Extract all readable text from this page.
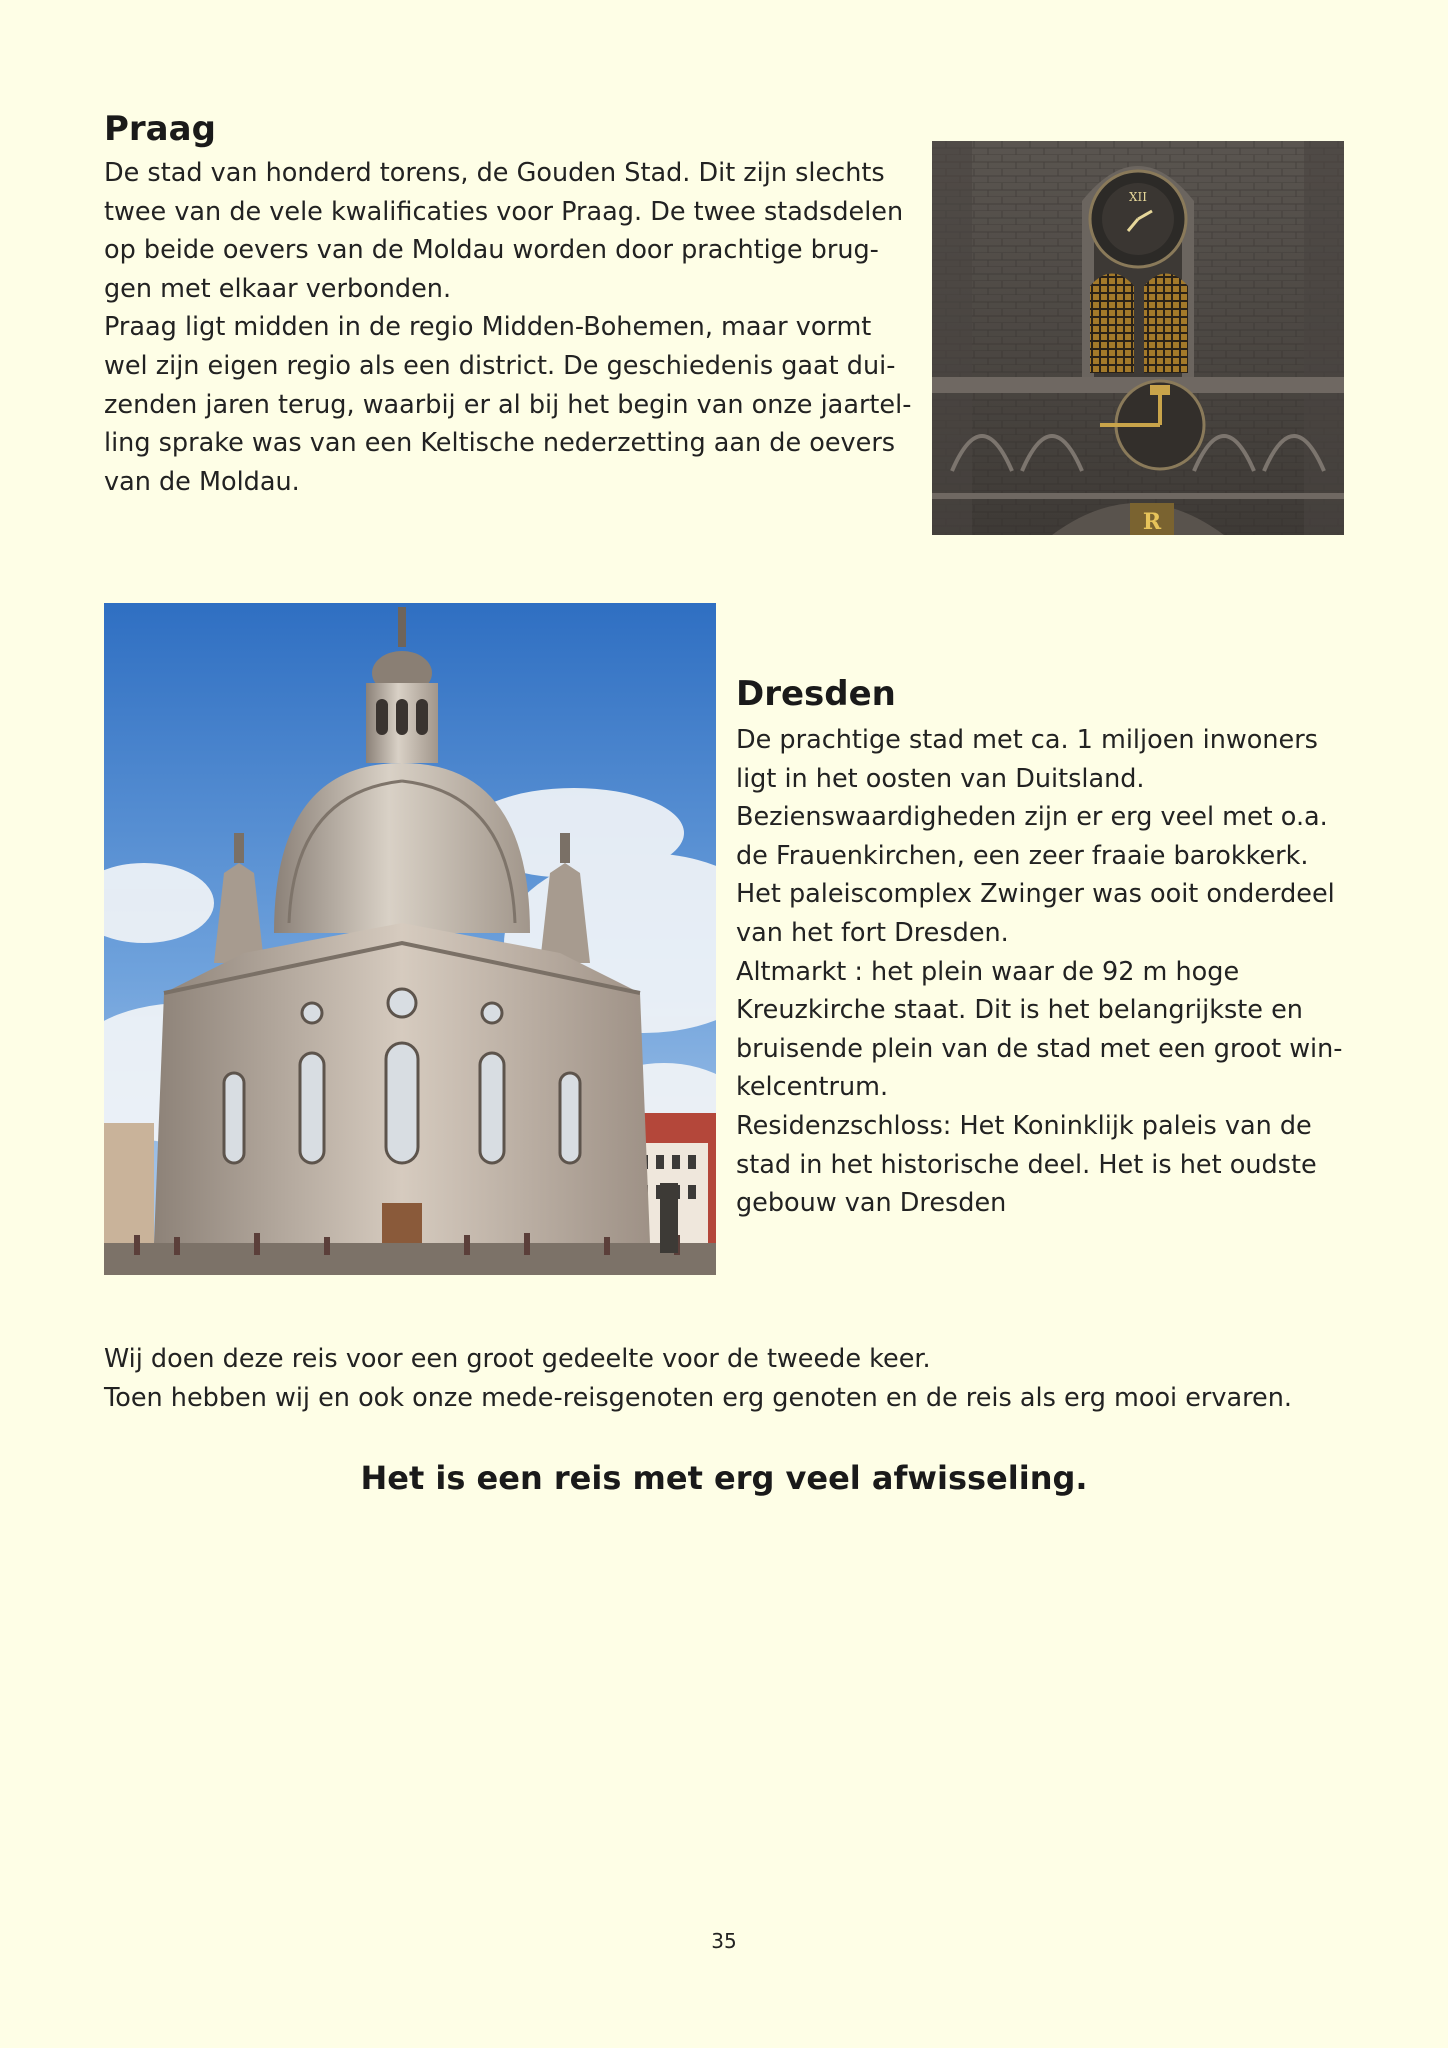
Praag

De stad van honderd torens, de Gouden Stad. Dit zijn slechts
twee van de vele kwalificaties voor Praag. De twee stadsdelen
op beide oevers van de Moldau worden door prachtige brug-
gen met elkaar verbonden.
Praag ligt midden in de regio Midden-Bohemen, maar vormt
wel zijn eigen regio als een district. De geschiedenis gaat dui-
zenden jaren terug, waarbij er al bij het begin van onze jaartel-
ling sprake was van een Keltische nederzetting aan de oevers
van de Moldau.

XII
R
Dresden

De prachtige stad met ca. 1 miljoen inwoners
ligt in het oosten van Duitsland.
Bezienswaardigheden zijn er erg veel met o.a.
de Frauenkirchen, een zeer fraaie barokkerk.
Het paleiscomplex Zwinger was ooit onderdeel
van het fort Dresden.
Altmarkt : het plein waar de 92 m hoge
Kreuzkirche staat. Dit is het belangrijkste en
bruisende plein van de stad met een groot win-
kelcentrum.
Residenzschloss: Het Koninklijk paleis van de
stad in het historische deel. Het is het oudste
gebouw van Dresden

Wij doen deze reis voor een groot gedeelte voor de tweede keer.
Toen hebben wij en ook onze mede-reisgenoten erg genoten en de reis als erg mooi ervaren.

Het is een reis met erg veel afwisseling.
35
